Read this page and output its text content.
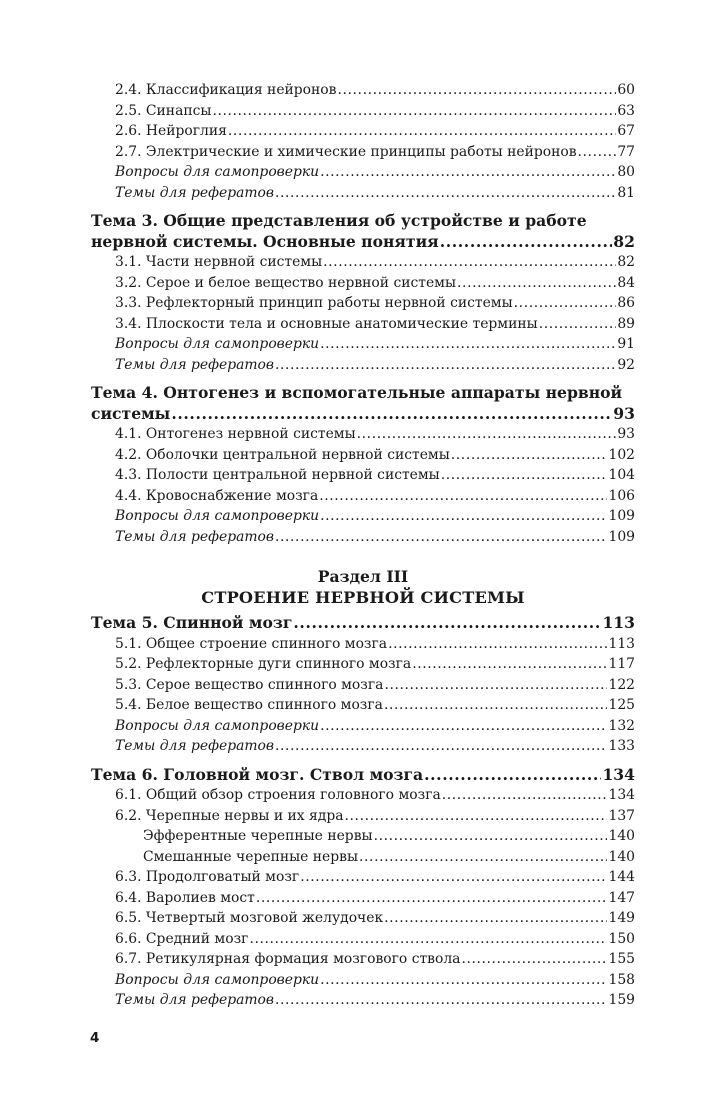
2.4. Классификация нейронов .....	60
2.5. Синапсы .....	63
2.6. Нейроглия .....	67
2.7. Электрические и химические принципы работы нейронов .....	77
Вопросы для самопроверки .....	80
Темы для рефератов .....	81
Тема 3. Общие представления об устройстве и работе
нервной системы. Основные понятия .....	82
3.1. Части нервной системы .....	82
3.2. Серое и белое вещество нервной системы .....	84
3.3. Рефлекторный принцип работы нервной системы .....	86
3.4. Плоскости тела и основные анатомические термины .....	89
Вопросы для самопроверки .....	91
Темы для рефератов .....	92
Тема 4. Онтогенез и вспомогательные аппараты нервной
системы .....	93
4.1. Онтогенез нервной системы .....	93
4.2. Оболочки центральной нервной системы .....	102
4.3. Полости центральной нервной системы .....	104
4.4. Кровоснабжение мозга .....	106
Вопросы для самопроверки .....	109
Темы для рефератов .....	109
Раздел III
СТРОЕНИЕ НЕРВНОЙ СИСТЕМЫ
Тема 5. Спинной мозг .....	113
5.1. Общее строение спинного мозга .....	113
5.2. Рефлекторные дуги спинного мозга .....	117
5.3. Серое вещество спинного мозга .....	122
5.4. Белое вещество спинного мозга .....	125
Вопросы для самопроверки .....	132
Темы для рефератов .....	133
Тема 6. Головной мозг. Ствол мозга .....	134
6.1. Общий обзор строения головного мозга .....	134
6.2. Черепные нервы и их ядра .....	137
Эфферентные черепные нервы .....	140
Смешанные черепные нервы .....	140
6.3. Продолговатый мозг .....	144
6.4. Варолиев мост .....	147
6.5. Четвертый мозговой желудочек .....	149
6.6. Средний мозг .....	150
6.7. Ретикулярная формация мозгового ствола .....	155
Вопросы для самопроверки .....	158
Темы для рефератов .....	159
4
